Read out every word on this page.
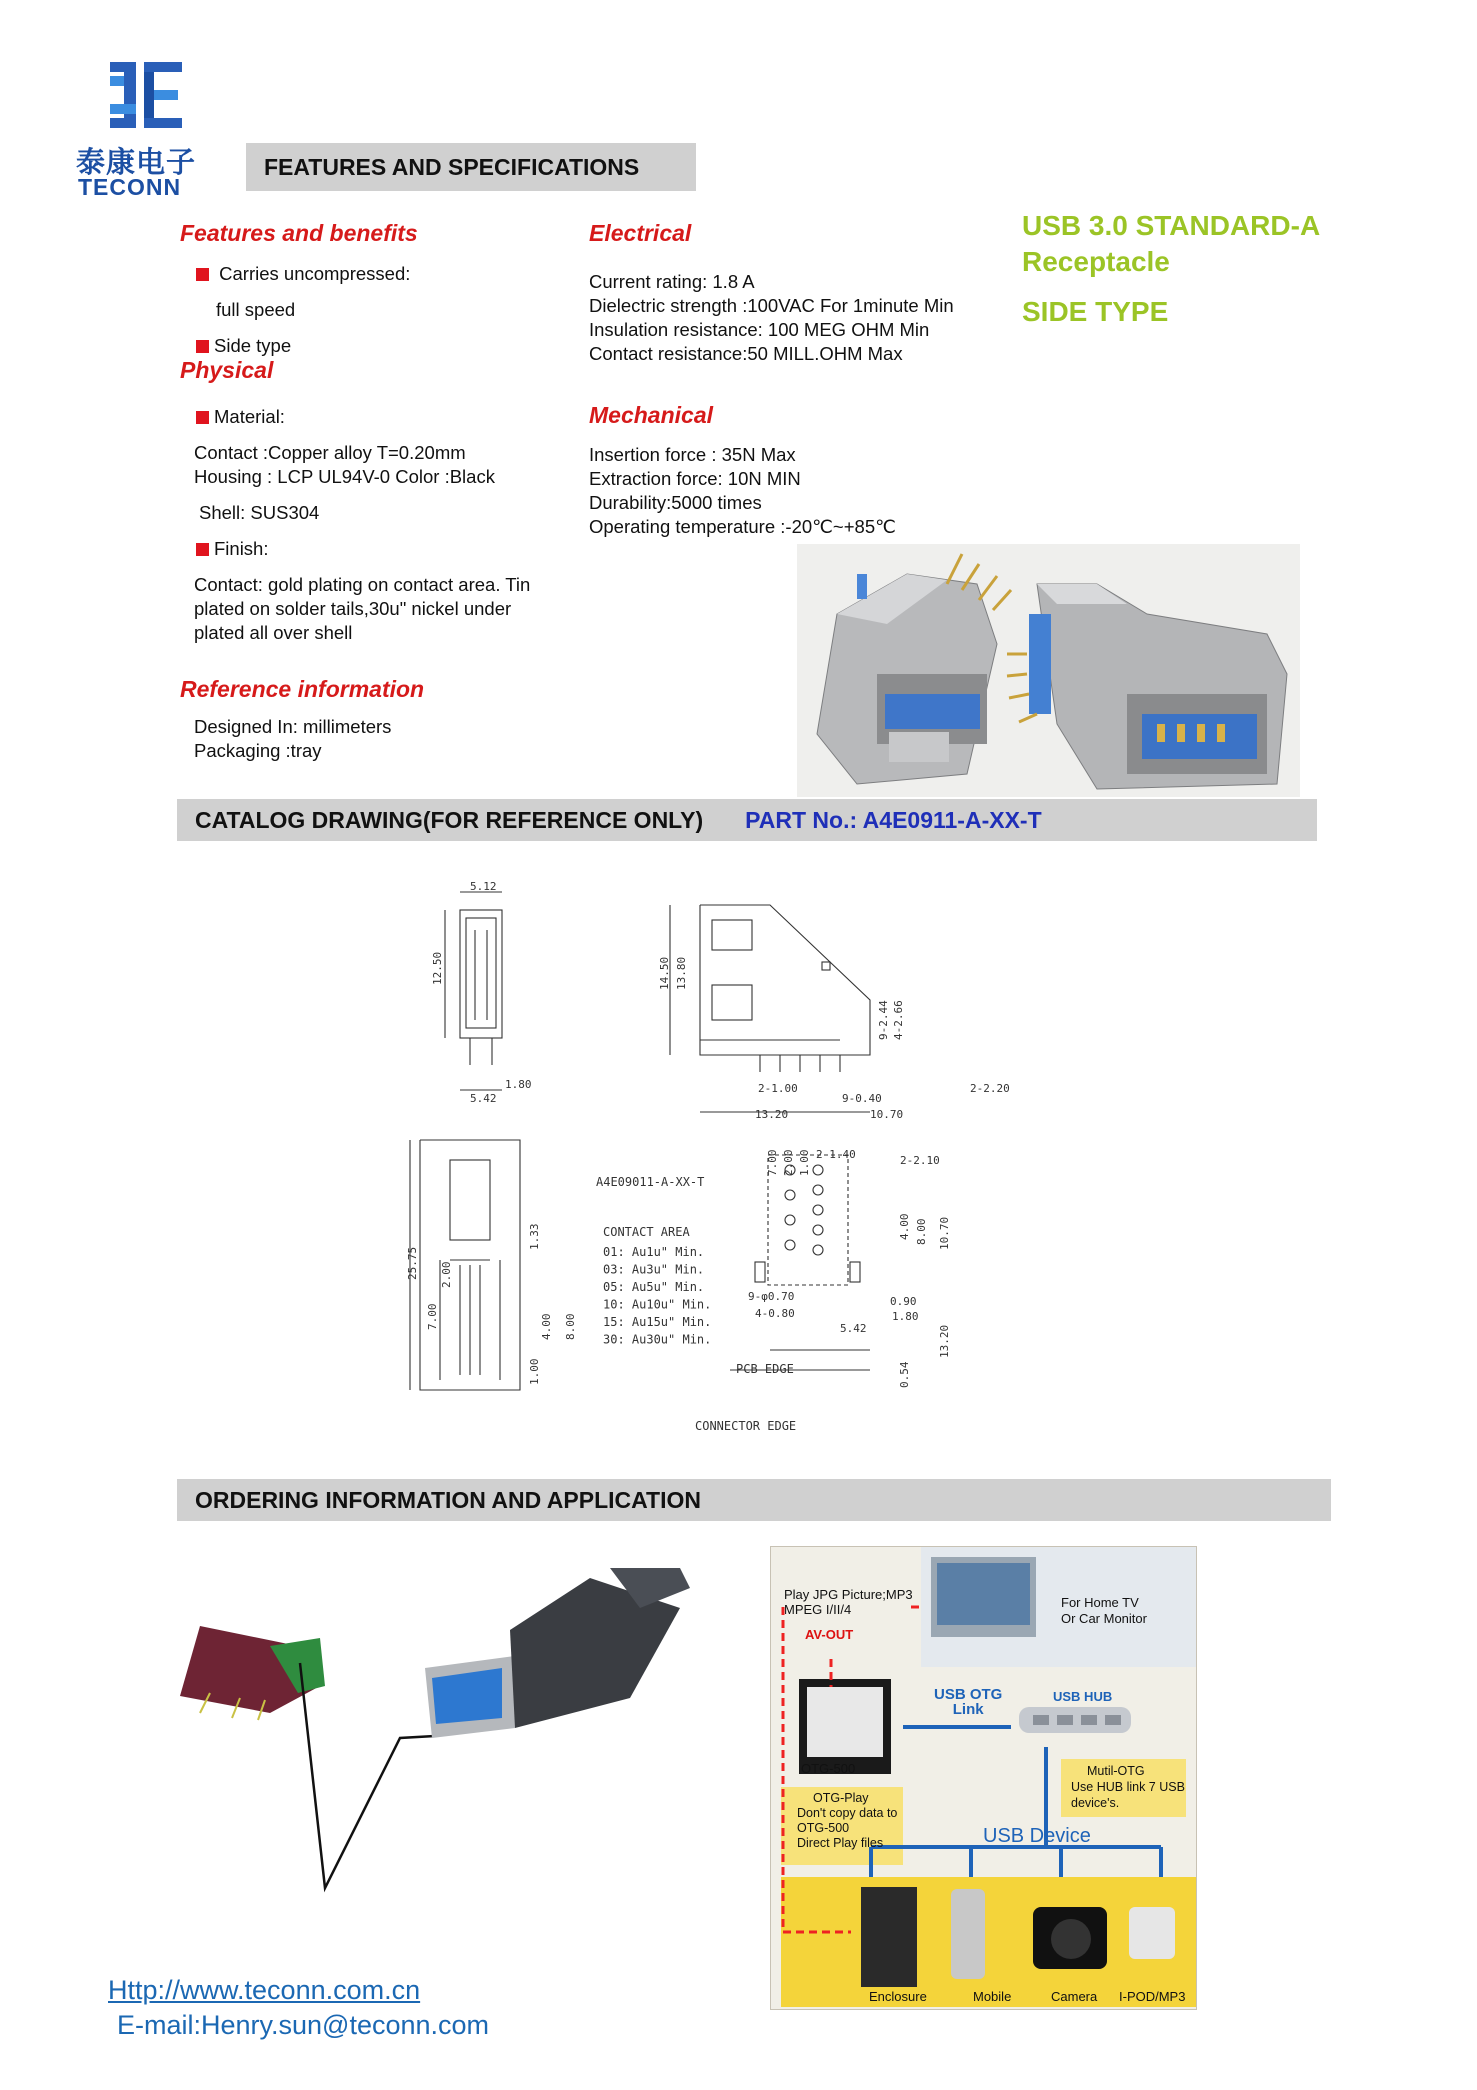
泰康电子
TECONN
FEATURES AND SPECIFICATIONS
Features and benefits
Carries uncompressed:
full speed
Side type
Physical
Material:
Contact :Copper alloy T=0.20mm
Housing : LCP UL94V-0 Color :Black
Shell: SUS304
Finish:
Contact: gold plating on contact area. Tin
plated on solder tails,30u" nickel under
plated all over shell
Reference information
Designed In: millimeters
Packaging :tray
Electrical
Current rating: 1.8 A
Dielectric strength :100VAC For 1minute Min
Insulation resistance: 100 MEG OHM Min
Contact resistance:50 MILL.OHM Max
Mechanical
Insertion force : 35N Max
Extraction force: 10N MIN
Durability:5000 times
Operating temperature :-20℃~+85℃
USB 3.0 STANDARD-A
Receptacle
SIDE TYPE
CATALOG DRAWING(FOR REFERENCE ONLY) PART No.: A4E0911-A-XX-T
5.12
12.50
1.80
5.42
14.50 13.80
9-2.44 4-2.66
2-1.00
9-0.40
2-2.20
13.20	10.70
25.75 2.00
7.00
1.33
4.00 8.00
1.00
A4E09011-A-XX-T
CONTACT AREA
01: Au1u" Min.
03: Au3u" Min.
05: Au5u" Min.
10: Au10u" Min.
15: Au15u" Min.
30: Au30u" Min.
7.00 2.00 1.00 2-1.40	2-2.10
4.00 8.00 10.70
9-φ0.70
4-0.80
0.90
1.80
5.42
0.54
13.20
PCB EDGE
CONNECTOR EDGE
ORDERING INFORMATION AND APPLICATION
Play JPG Picture;MP3
MPEG I/II/4
AV-OUT
For Home TV
Or Car Monitor
USB OTG
Link
USB HUB
OTG-500	Mutil-OTG
Use HUB link 7 USB
device's.
OTG-Play
Don't copy data to
OTG-500
Direct Play files	USB Device
Enclosure	Mobile	Camera I-POD/MP3
Http://www.teconn.com.cn
E-mail:Henry.sun@teconn.com
